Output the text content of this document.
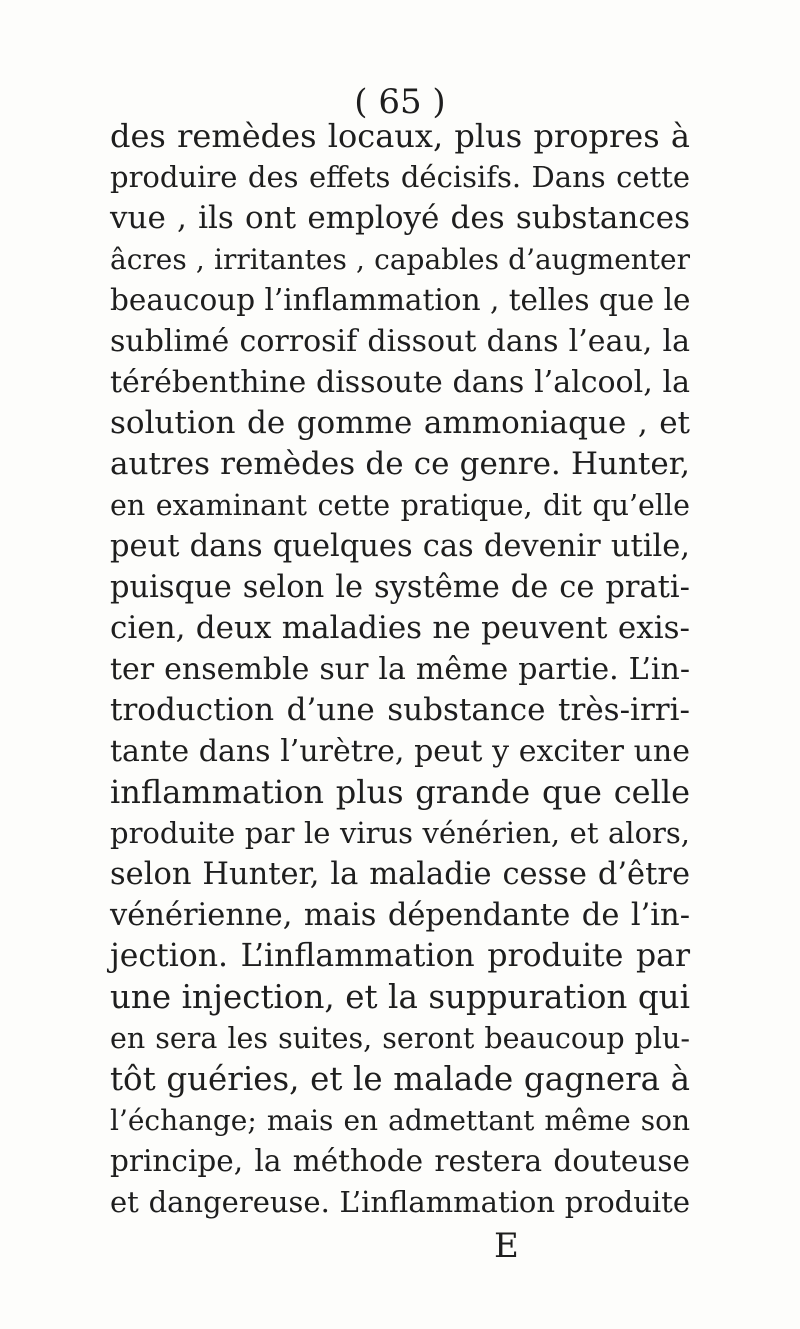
( 65 )
des remèdes locaux, plus propres à
produire des effets décisifs. Dans cette
vue , ils ont employé des substances
âcres , irritantes , capables d’augmenter
beaucoup l’inflammation , telles que le
sublimé corrosif dissout dans l’eau, la
térébenthine dissoute dans l’alcool, la
solution de gomme ammoniaque , et
autres remèdes de ce genre. Hunter,
en examinant cette pratique, dit qu’elle
peut dans quelques cas devenir utile,
puisque selon le systême de ce prati-
cien, deux maladies ne peuvent exis-
ter ensemble sur la même partie. L’in-
troduction d’une substance très-irri-
tante dans l’urètre, peut y exciter une
inflammation plus grande que celle
produite par le virus vénérien, et alors,
selon Hunter, la maladie cesse d’être
vénérienne, mais dépendante de l’in-
jection. L’inflammation produite par
une injection, et la suppuration qui
en sera les suites, seront beaucoup plu-
tôt guéries, et le malade gagnera à
l’échange; mais en admettant même son
principe, la méthode restera douteuse
et dangereuse. L’inflammation produite
E
